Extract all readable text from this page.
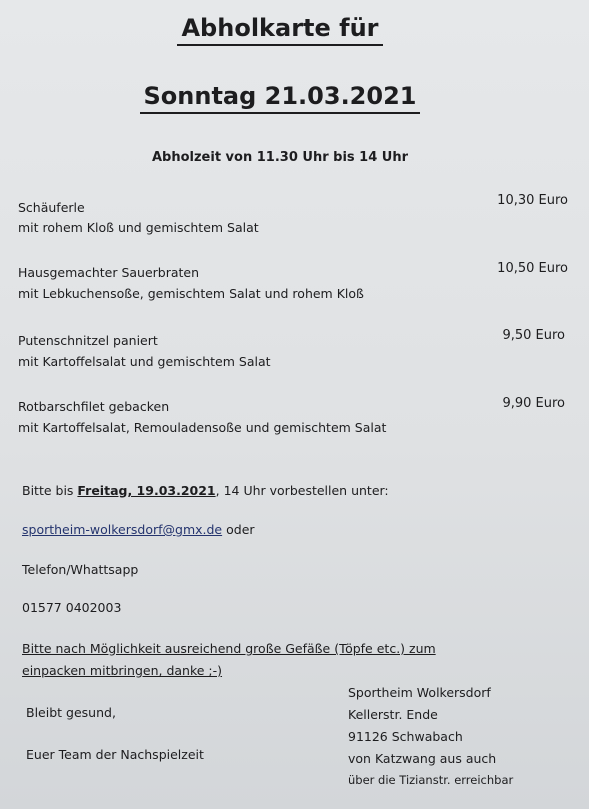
Abholkarte für
Sonntag 21.03.2021
Abholzeit von 11.30 Uhr bis 14 Uhr
Schäuferle
mit rohem Kloß und gemischtem Salat
10,30 Euro
Hausgemachter Sauerbraten
mit Lebkuchensoße, gemischtem Salat und rohem Kloß
10,50 Euro
Putenschnitzel paniert
mit Kartoffelsalat und gemischtem Salat
9,50 Euro
Rotbarschfilet gebacken
mit Kartoffelsalat, Remouladensoße und gemischtem Salat
9,90 Euro
Bitte bis Freitag, 19.03.2021, 14 Uhr vorbestellen unter:
sportheim-wolkersdorf@gmx.de oder
Telefon/Whattsapp
01577 0402003
Bitte nach Möglichkeit ausreichend große Gefäße (Töpfe etc.) zum
einpacken mitbringen, danke ;-)
Bleibt gesund,
Euer Team der Nachspielzeit
Sportheim Wolkersdorf
Kellerstr. Ende
91126 Schwabach
von Katzwang aus auch
über die Tizianstr. erreichbar
